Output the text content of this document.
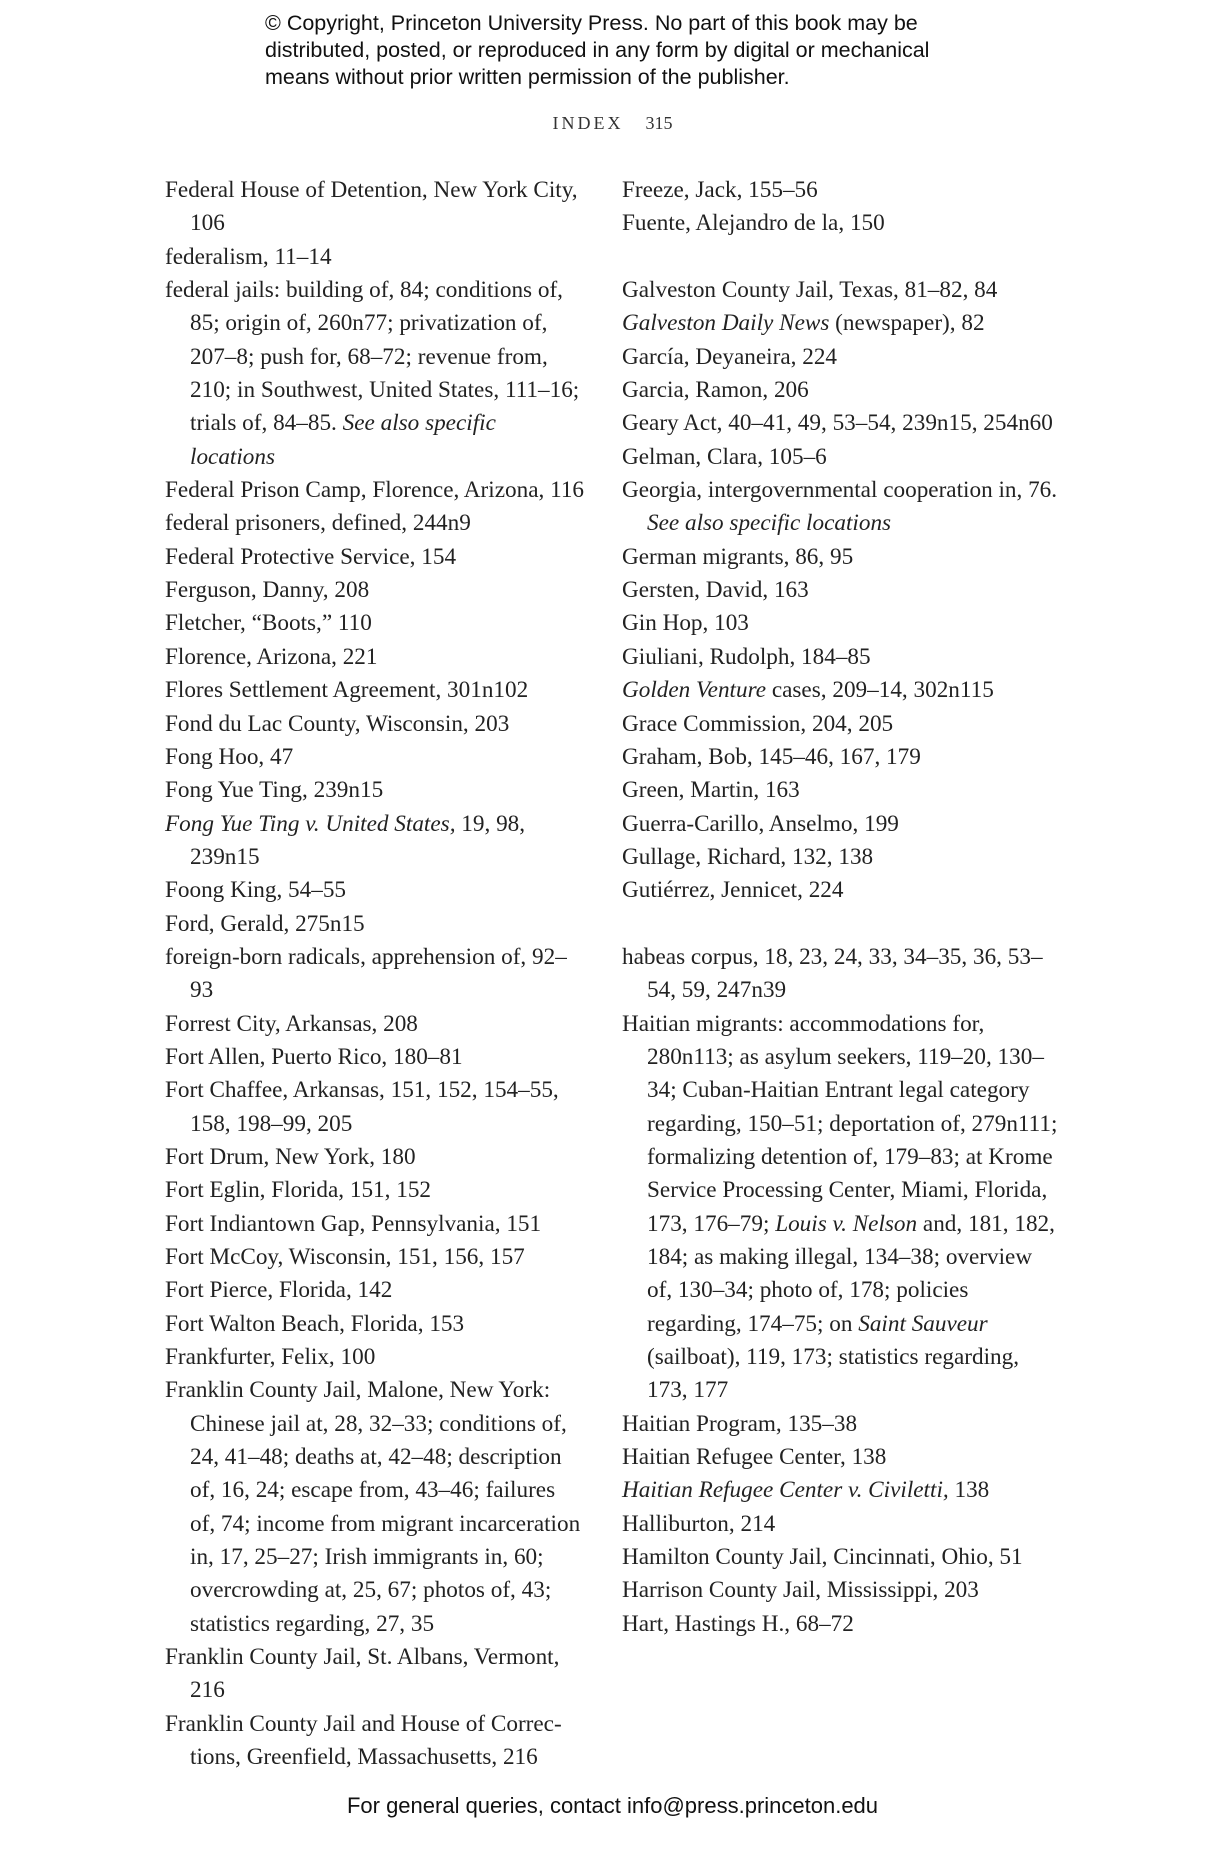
© Copyright, Princeton University Press. No part of this book may be
distributed, posted, or reproduced in any form by digital or mechanical
means without prior written permission of the publisher.
INDEX 315

Federal House of Detention, New York City, 106

federalism, 11–14

federal jails: building of, 84; conditions of, 85; origin of, 260n77; privatization of, 207–8; push for, 68–72; revenue from, 210; in Southwest, United States, 111–16; trials of, 84–85. See also specific locations

Federal Prison Camp, Florence, Arizona, 116

federal prisoners, defined, 244n9

Federal Protective Service, 154

Ferguson, Danny, 208

Fletcher, “Boots,” 110

Florence, Arizona, 221

Flores Settlement Agreement, 301n102

Fond du Lac County, Wisconsin, 203

Fong Hoo, 47

Fong Yue Ting, 239n15

Fong Yue Ting v. United States, 19, 98, 239n15

Foong King, 54–55

Ford, Gerald, 275n15

foreign-born radicals, apprehension of, 92–93

Forrest City, Arkansas, 208

Fort Allen, Puerto Rico, 180–81

Fort Chaffee, Arkansas, 151, 152, 154–55, 158, 198–99, 205

Fort Drum, New York, 180

Fort Eglin, Florida, 151, 152

Fort Indiantown Gap, Pennsylvania, 151

Fort McCoy, Wisconsin, 151, 156, 157

Fort Pierce, Florida, 142

Fort Walton Beach, Florida, 153

Frankfurter, Felix, 100

Franklin County Jail, Malone, New York: Chinese jail at, 28, 32–33; conditions of, 24, 41–48; deaths at, 42–48; description of, 16, 24; escape from, 43–46; failures of, 74; income from migrant incarceration in, 17, 25–27; Irish immigrants in, 60; overcrowding at, 25, 67; photos of, 43; statistics regarding, 27, 35

Franklin County Jail, St. Albans, Vermont, 216

Franklin County Jail and House of Correc-tions, Greenfield, Massachusetts, 216

Freeze, Jack, 155–56

Fuente, Alejandro de la, 150

Galveston County Jail, Texas, 81–82, 84

Galveston Daily News (newspaper), 82

García, Deyaneira, 224

Garcia, Ramon, 206

Geary Act, 40–41, 49, 53–54, 239n15, 254n60

Gelman, Clara, 105–6

Georgia, intergovernmental cooperation in, 76. See also specific locations

German migrants, 86, 95

Gersten, David, 163

Gin Hop, 103

Giuliani, Rudolph, 184–85

Golden Venture cases, 209–14, 302n115

Grace Commission, 204, 205

Graham, Bob, 145–46, 167, 179

Green, Martin, 163

Guerra-Carillo, Anselmo, 199

Gullage, Richard, 132, 138

Gutiérrez, Jennicet, 224

habeas corpus, 18, 23, 24, 33, 34–35, 36, 53–54, 59, 247n39

Haitian migrants: accommodations for, 280n113; as asylum seekers, 119–20, 130–34; Cuban-Haitian Entrant legal category regarding, 150–51; deportation of, 279n111; formalizing detention of, 179–83; at Krome Service Processing Center, Miami, Florida, 173, 176–79; Louis v. Nelson and, 181, 182, 184; as making illegal, 134–38; overview of, 130–34; photo of, 178; policies regarding, 174–75; on Saint Sauveur (sailboat), 119, 173; statistics regarding, 173, 177

Haitian Program, 135–38

Haitian Refugee Center, 138

Haitian Refugee Center v. Civiletti, 138

Halliburton, 214

Hamilton County Jail, Cincinnati, Ohio, 51

Harrison County Jail, Mississippi, 203

Hart, Hastings H., 68–72

For general queries, contact info@press.princeton.edu
